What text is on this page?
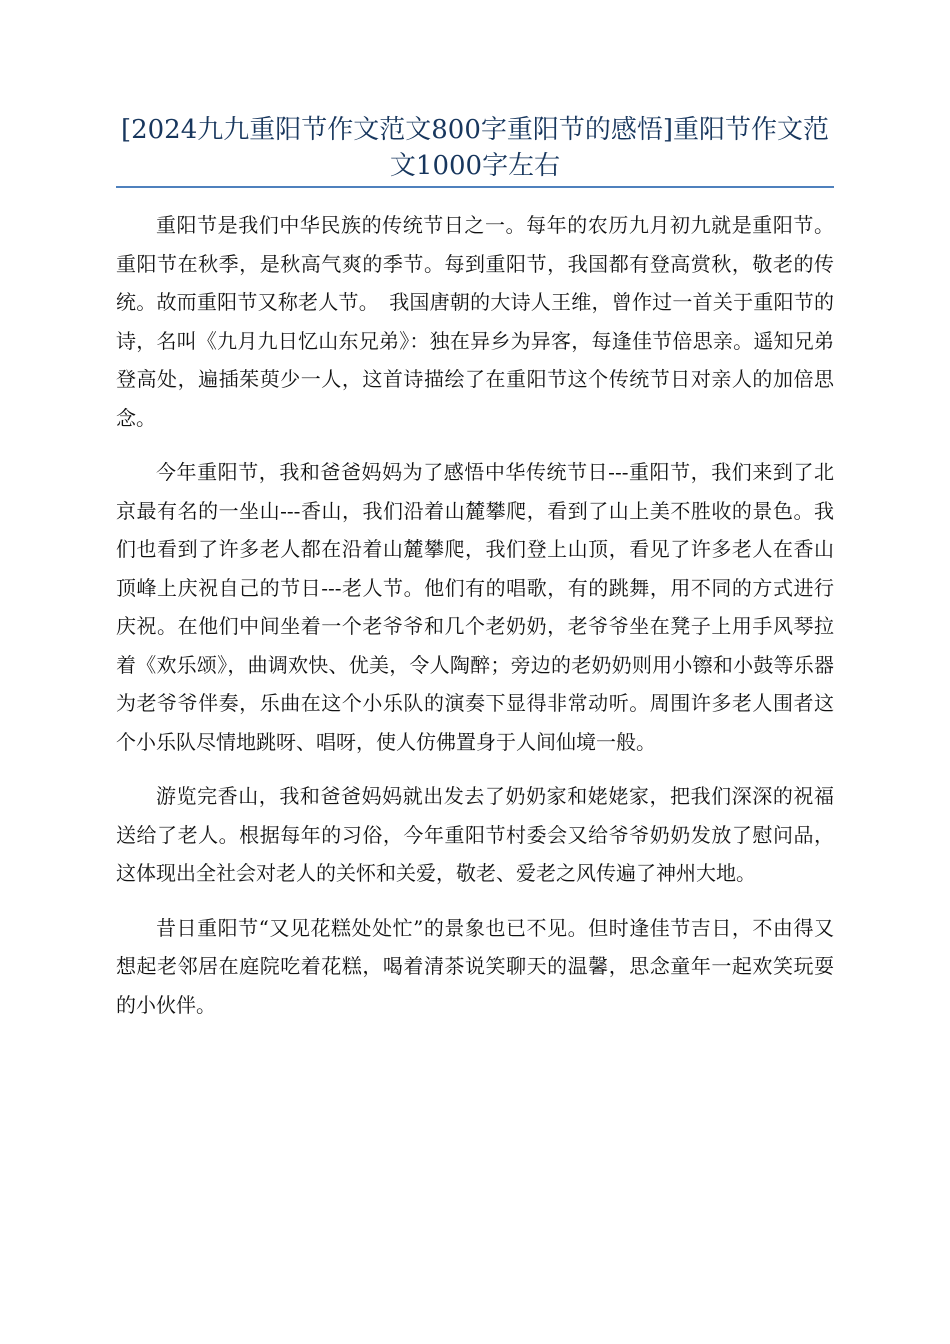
[2024九九重阳节作文范文800字重阳节的感悟]重阳节作文范文1000字左右

重阳节是我们中华民族的传统节日之一。每年的农历九月初九就是重阳节。重阳节在秋季，是秋高气爽的季节。每到重阳节，我国都有登高赏秋，敬老的传统。故而重阳节又称老人节。　我国唐朝的大诗人王维，曾作过一首关于重阳节的诗，名叫《九月九日忆山东兄弟》：独在异乡为异客，每逢佳节倍思亲。遥知兄弟登高处，遍插茱萸少一人，这首诗描绘了在重阳节这个传统节日对亲人的加倍思念。

今年重阳节，我和爸爸妈妈为了感悟中华传统节日---重阳节，我们来到了北京最有名的一坐山---香山，我们沿着山麓攀爬，看到了山上美不胜收的景色。我们也看到了许多老人都在沿着山麓攀爬，我们登上山顶，看见了许多老人在香山顶峰上庆祝自己的节日---老人节。他们有的唱歌，有的跳舞，用不同的方式进行庆祝。在他们中间坐着一个老爷爷和几个老奶奶，老爷爷坐在凳子上用手风琴拉着《欢乐颂》，曲调欢快、优美，令人陶醉；旁边的老奶奶则用小镲和小鼓等乐器为老爷爷伴奏，乐曲在这个小乐队的演奏下显得非常动听。周围许多老人围者这个小乐队尽情地跳呀、唱呀，使人仿佛置身于人间仙境一般。

游览完香山，我和爸爸妈妈就出发去了奶奶家和姥姥家，把我们深深的祝福送给了老人。根据每年的习俗，今年重阳节村委会又给爷爷奶奶发放了慰问品，这体现出全社会对老人的关怀和关爱，敬老、爱老之风传遍了神州大地。

昔日重阳节“又见花糕处处忙”的景象也已不见。但时逢佳节吉日，不由得又想起老邻居在庭院吃着花糕，喝着清茶说笑聊天的温馨，思念童年一起欢笑玩耍的小伙伴。
